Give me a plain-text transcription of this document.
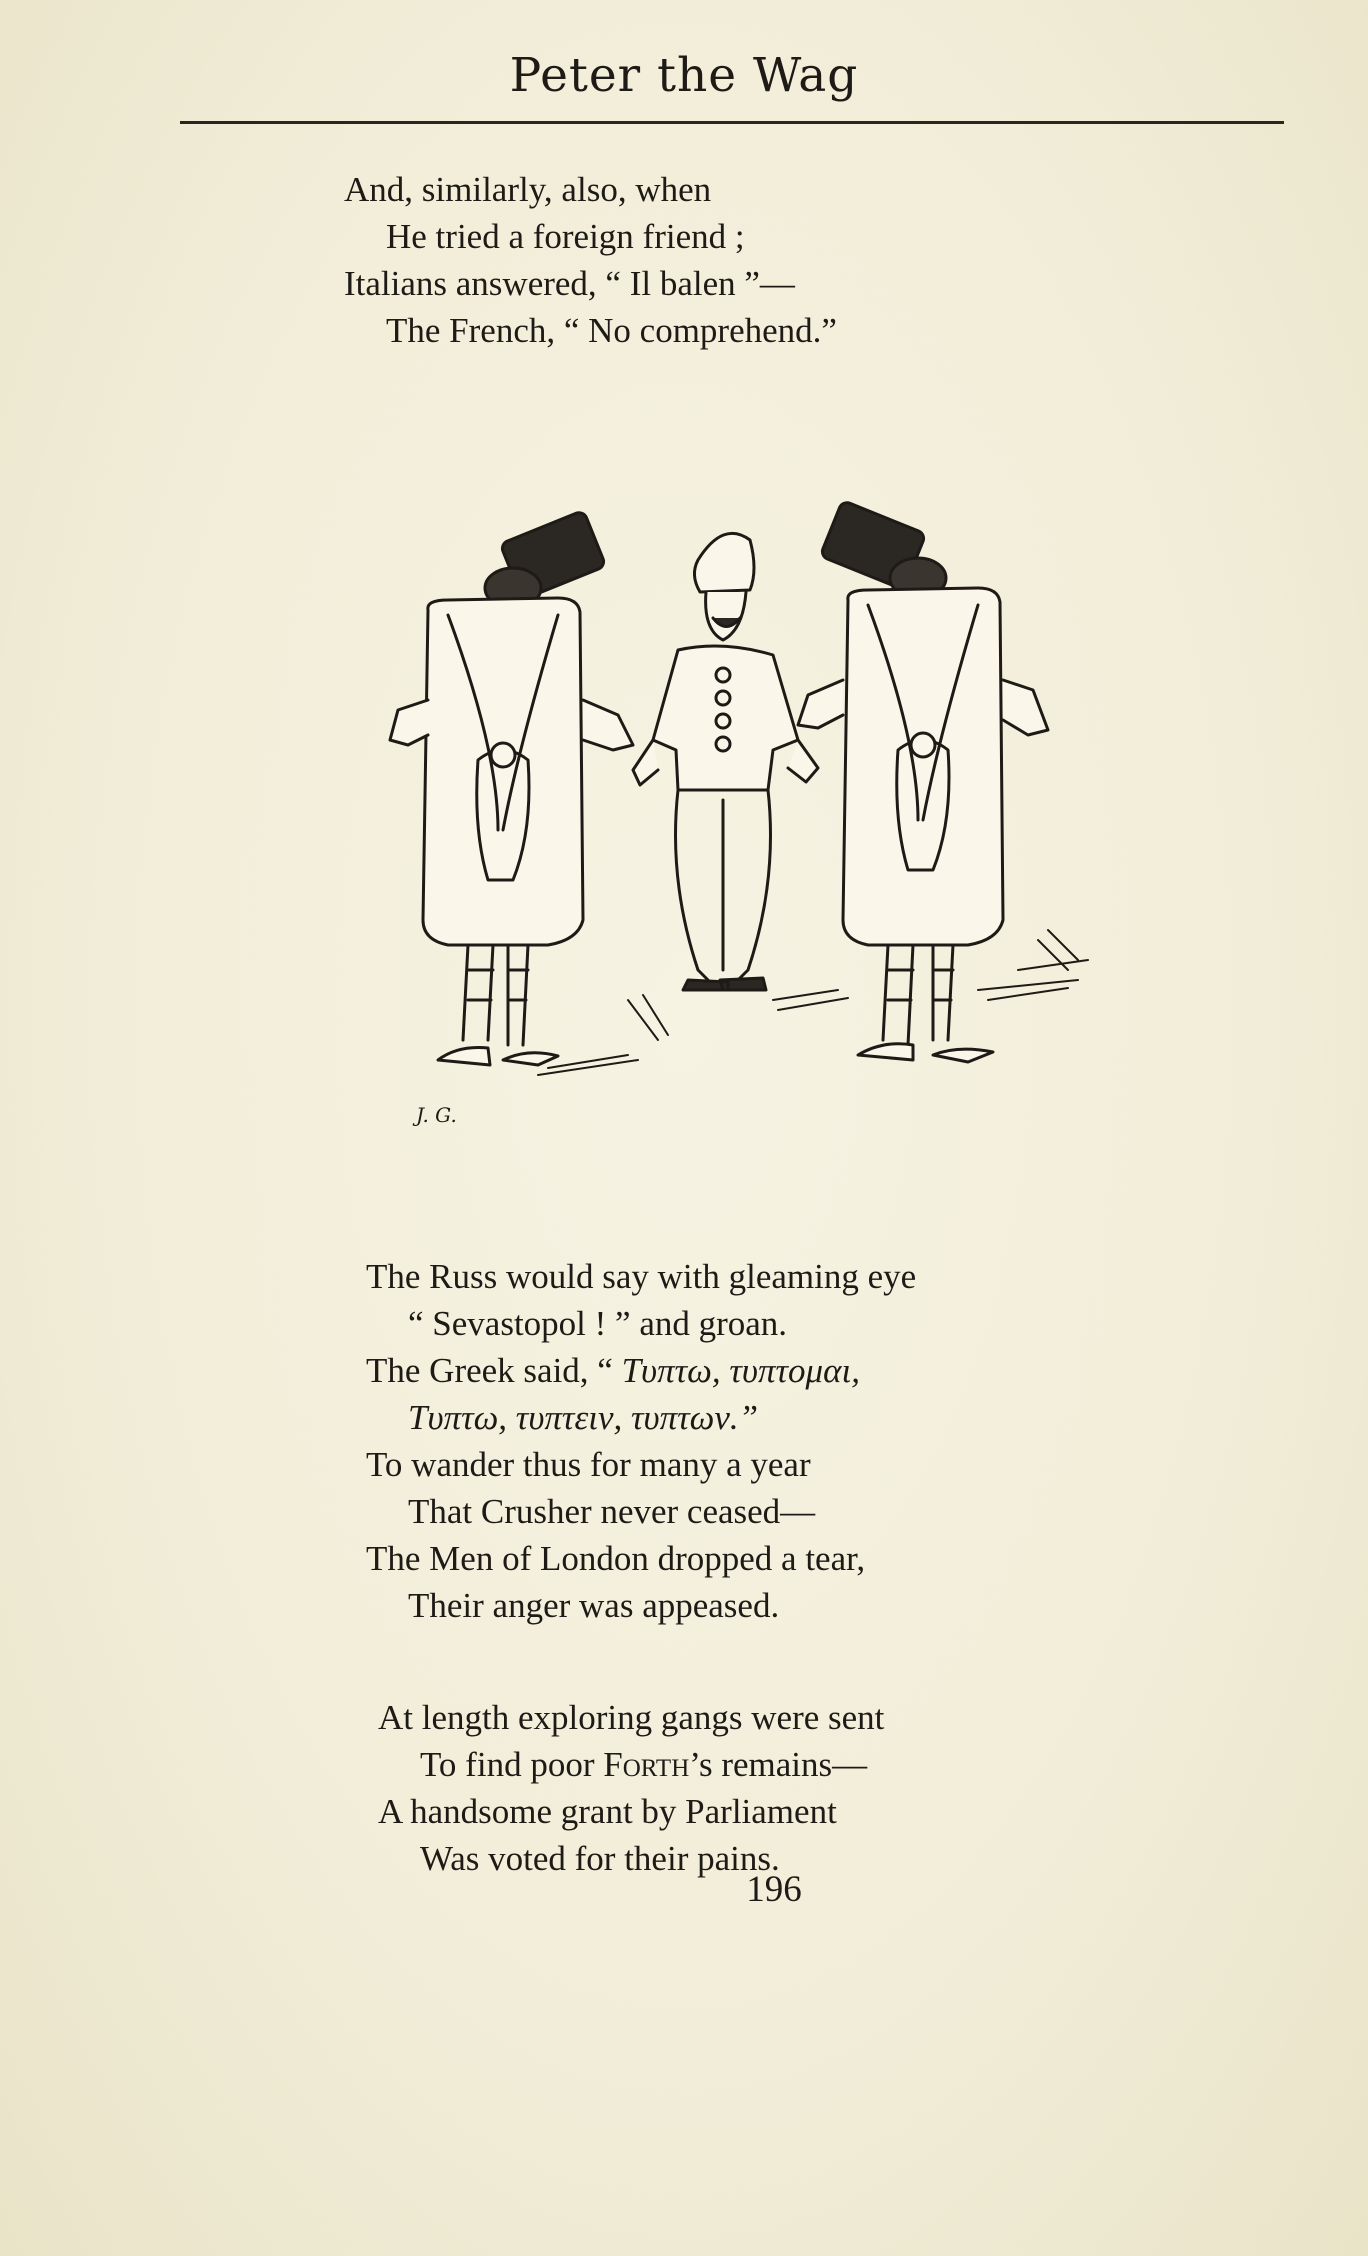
Peter the Wag
And, similarly, also, when
He tried a foreign friend ;
Italians answered, “ Il balen ”—
The French, “ No comprehend.”
J. G.
The Russ would say with gleaming eye
“ Sevastopol ! ” and groan.
The Greek said, “ Τυπτω, τυπτομαι,
Τυπτω, τυπτειν, τυπτων.”
To wander thus for many a year
That Crusher never ceased—
The Men of London dropped a tear,
Their anger was appeased.
At length exploring gangs were sent
To find poor Forth’s remains—
A handsome grant by Parliament
Was voted for their pains.
196
